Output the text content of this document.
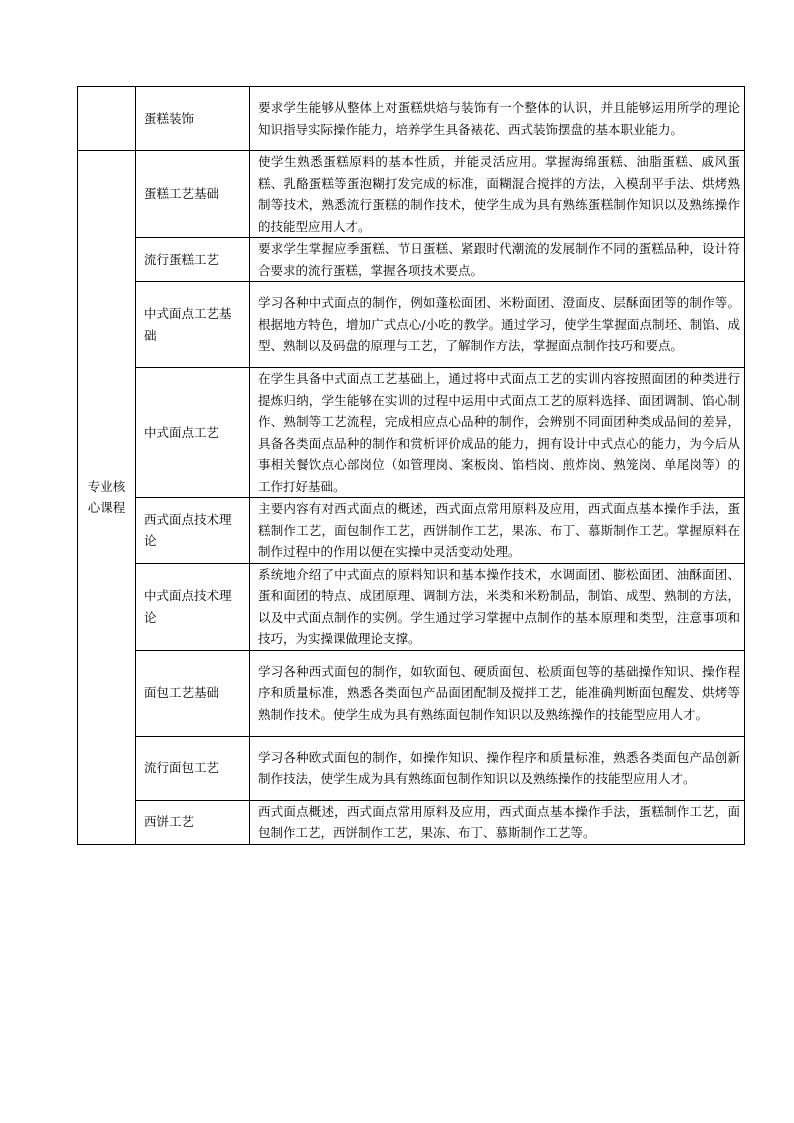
	蛋糕装饰	要求学生能够从整体上对蛋糕烘焙与装饰有一个整体的认识，并且能够运用所学的理论知识指导实际操作能力，培养学生具备裱花、西式装饰摆盘的基本职业能力。

专业核心课程	蛋糕工艺基础	使学生熟悉蛋糕原料的基本性质，并能灵活应用。掌握海绵蛋糕、油脂蛋糕、戚风蛋糕、乳酪蛋糕等蛋泡糊打发完成的标准，面糊混合搅拌的方法，入模刮平手法、烘烤熟制等技术，熟悉流行蛋糕的制作技术，使学生成为具有熟练蛋糕制作知识以及熟练操作的技能型应用人才。

	流行蛋糕工艺	要求学生掌握应季蛋糕、节日蛋糕、紧跟时代潮流的发展制作不同的蛋糕品种，设计符合要求的流行蛋糕，掌握各项技术要点。

	中式面点工艺基础	学习各种中式面点的制作，例如蓬松面团、米粉面团、澄面皮、层酥面团等的制作等。根据地方特色，增加广式点心/小吃的教学。通过学习，使学生掌握面点制坯、制馅、成型、熟制以及码盘的原理与工艺，了解制作方法，掌握面点制作技巧和要点。

	中式面点工艺	在学生具备中式面点工艺基础上，通过将中式面点工艺的实训内容按照面团的种类进行提炼归纳，学生能够在实训的过程中运用中式面点工艺的原料选择、面团调制、馅心制作、熟制等工艺流程，完成相应点心品种的制作，会辨别不同面团种类成品间的差异，具备各类面点品种的制作和赏析评价成品的能力，拥有设计中式点心的能力，为今后从事相关餐饮点心部岗位（如管理岗、案板岗、馅档岗、煎炸岗、熟笼岗、单尾岗等）的工作打好基础。

	西式面点技术理论	主要内容有对西式面点的概述，西式面点常用原料及应用，西式面点基本操作手法，蛋糕制作工艺，面包制作工艺，西饼制作工艺，果冻、布丁、慕斯制作工艺。掌握原料在制作过程中的作用以便在实操中灵活变动处理。

	中式面点技术理论	系统地介绍了中式面点的原料知识和基本操作技术，水调面团、膨松面团、油酥面团、蛋和面团的特点、成团原理、调制方法，米类和米粉制品，制馅、成型、熟制的方法，以及中式面点制作的实例。学生通过学习掌握中点制作的基本原理和类型，注意事项和技巧，为实操课做理论支撑。

	面包工艺基础	学习各种西式面包的制作，如软面包、硬质面包、松质面包等的基础操作知识、操作程序和质量标准，熟悉各类面包产品面团配制及搅拌工艺，能准确判断面包醒发、烘烤等熟制作技术。使学生成为具有熟练面包制作知识以及熟练操作的技能型应用人才。

	流行面包工艺	学习各种欧式面包的制作，如操作知识、操作程序和质量标准，熟悉各类面包产品创新制作技法，使学生成为具有熟练面包制作知识以及熟练操作的技能型应用人才。

	西饼工艺	西式面点概述，西式面点常用原料及应用，西式面点基本操作手法，蛋糕制作工艺，面包制作工艺，西饼制作工艺，果冻、布丁、慕斯制作工艺等。
